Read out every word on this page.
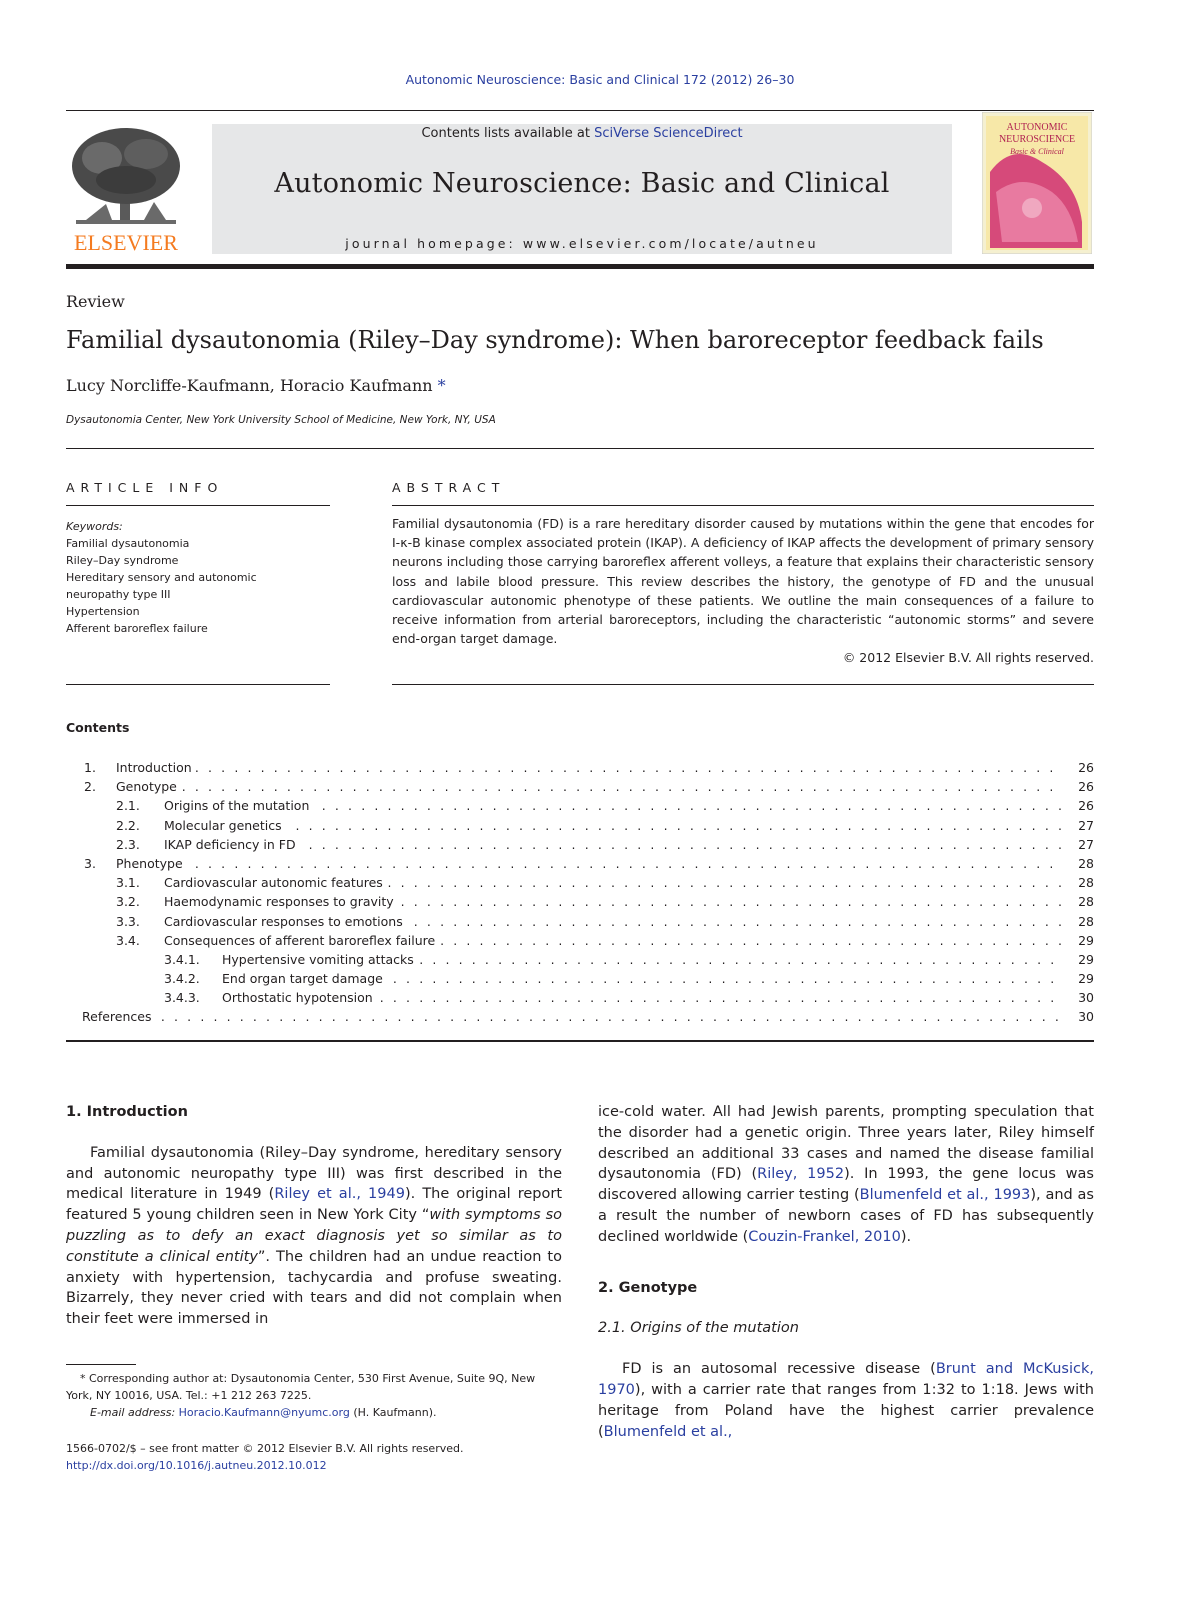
Autonomic Neuroscience: Basic and Clinical 172 (2012) 26–30
ELSEVIER
Contents lists available at SciVerse ScienceDirect
Autonomic Neuroscience: Basic and Clinical
journal homepage: www.elsevier.com/locate/autneu
AUTONOMIC
NEUROSCIENCE
Basic & Clinical
Review
Familial dysautonomia (Riley–Day syndrome): When baroreceptor feedback fails
Lucy Norcliffe-Kaufmann, Horacio Kaufmann *
Dysautonomia Center, New York University School of Medicine, New York, NY, USA
ARTICLE INFO	ABSTRACT
Keywords:
Familial dysautonomia
Riley–Day syndrome
Hereditary sensory and autonomic
neuropathy type III
Hypertension
Afferent baroreflex failure
Familial dysautonomia (FD) is a rare hereditary disorder caused by mutations within the gene that encodes for I-κ-B kinase complex associated protein (IKAP). A deficiency of IKAP affects the development of primary sensory neurons including those carrying baroreflex afferent volleys, a feature that explains their characteristic sensory loss and labile blood pressure. This review describes the history, the genotype of FD and the unusual cardiovascular autonomic phenotype of these patients. We outline the main consequences of a failure to receive information from arterial baroreceptors, including the characteristic “autonomic storms” and severe end-organ target damage.
© 2012 Elsevier B.V. All rights reserved.
Contents
1. Introduction . . .	26
2. Genotype . . .	26
2.1. Origins of the mutation . . .	26
2.2. Molecular genetics . . .	27
2.3. IKAP deficiency in FD . . .	27
3. Phenotype . . .	28
3.1. Cardiovascular autonomic features . . .	28
3.2. Haemodynamic responses to gravity . . .	28
3.3. Cardiovascular responses to emotions . . .	28
3.4. Consequences of afferent baroreflex failure . . .	29
3.4.1. Hypertensive vomiting attacks . . .	29
3.4.2. End organ target damage . . .	29
3.4.3. Orthostatic hypotension . . .	30
References . . .	30

1. Introduction

Familial dysautonomia (Riley–Day syndrome, hereditary sensory and autonomic neuropathy type III) was first described in the medical literature in 1949 (Riley et al., 1949). The original report featured 5 young children seen in New York City “with symptoms so puzzling as to defy an exact diagnosis yet so similar as to constitute a clinical entity”. The children had an undue reaction to anxiety with hypertension, tachycardia and profuse sweating. Bizarrely, they never cried with tears and did not complain when their feet were immersed in

ice-cold water. All had Jewish parents, prompting speculation that the disorder had a genetic origin. Three years later, Riley himself described an additional 33 cases and named the disease familial dysautonomia (FD) (Riley, 1952). In 1993, the gene locus was discovered allowing carrier testing (Blumenfeld et al., 1993), and as a result the number of newborn cases of FD has subsequently declined worldwide (Couzin-Frankel, 2010).

2. Genotype

2.1. Origins of the mutation

FD is an autosomal recessive disease (Brunt and McKusick, 1970), with a carrier rate that ranges from 1:32 to 1:18. Jews with heritage from Poland have the highest carrier prevalence (Blumenfeld et al.,

* Corresponding author at: Dysautonomia Center, 530 First Avenue, Suite 9Q, New York, NY 10016, USA. Tel.: +1 212 263 7225.
E-mail address: Horacio.Kaufmann@nyumc.org (H. Kaufmann).
1566-0702/$ – see front matter © 2012 Elsevier B.V. All rights reserved.
http://dx.doi.org/10.1016/j.autneu.2012.10.012
